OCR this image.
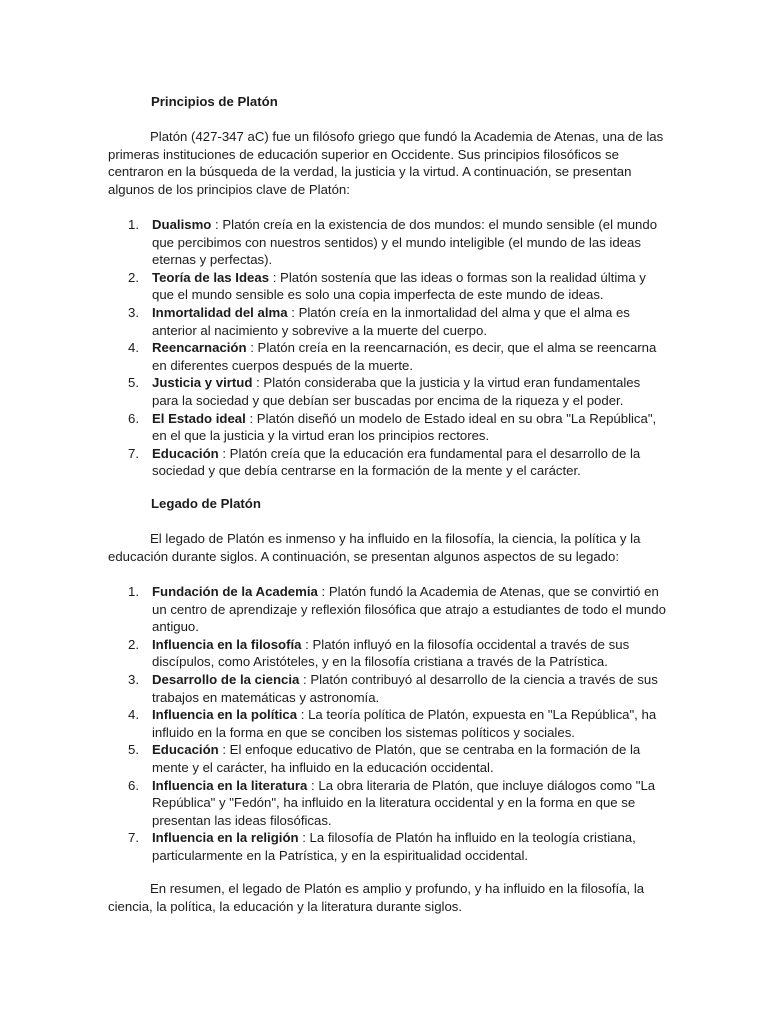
Principios de Platón

Platón (427-347 aC) fue un filósofo griego que fundó la Academia de Atenas, una de las primeras instituciones de educación superior en Occidente. Sus principios filosóficos se centraron en la búsqueda de la verdad, la justicia y la virtud. A continuación, se presentan algunos de los principios clave de Platón:

1. Dualismo : Platón creía en la existencia de dos mundos: el mundo sensible (el mundo que percibimos con nuestros sentidos) y el mundo inteligible (el mundo de las ideas eternas y perfectas).
2. Teoría de las Ideas : Platón sostenía que las ideas o formas son la realidad última y que el mundo sensible es solo una copia imperfecta de este mundo de ideas.
3. Inmortalidad del alma : Platón creía en la inmortalidad del alma y que el alma es anterior al nacimiento y sobrevive a la muerte del cuerpo.
4. Reencarnación : Platón creía en la reencarnación, es decir, que el alma se reencarna en diferentes cuerpos después de la muerte.
5. Justicia y virtud : Platón consideraba que la justicia y la virtud eran fundamentales para la sociedad y que debían ser buscadas por encima de la riqueza y el poder.
6. El Estado ideal : Platón diseñó un modelo de Estado ideal en su obra "La República", en el que la justicia y la virtud eran los principios rectores.
7. Educación : Platón creía que la educación era fundamental para el desarrollo de la sociedad y que debía centrarse en la formación de la mente y el carácter.

Legado de Platón

El legado de Platón es inmenso y ha influido en la filosofía, la ciencia, la política y la educación durante siglos. A continuación, se presentan algunos aspectos de su legado:

1. Fundación de la Academia : Platón fundó la Academia de Atenas, que se convirtió en un centro de aprendizaje y reflexión filosófica que atrajo a estudiantes de todo el mundo antiguo.
2. Influencia en la filosofía : Platón influyó en la filosofía occidental a través de sus discípulos, como Aristóteles, y en la filosofía cristiana a través de la Patrística.
3. Desarrollo de la ciencia : Platón contribuyó al desarrollo de la ciencia a través de sus trabajos en matemáticas y astronomía.
4. Influencia en la política : La teoría política de Platón, expuesta en "La República", ha influido en la forma en que se conciben los sistemas políticos y sociales.
5. Educación : El enfoque educativo de Platón, que se centraba en la formación de la mente y el carácter, ha influido en la educación occidental.
6. Influencia en la literatura : La obra literaria de Platón, que incluye diálogos como "La República" y "Fedón", ha influido en la literatura occidental y en la forma en que se presentan las ideas filosóficas.
7. Influencia en la religión : La filosofía de Platón ha influido en la teología cristiana, particularmente en la Patrística, y en la espiritualidad occidental.

En resumen, el legado de Platón es amplio y profundo, y ha influido en la filosofía, la ciencia, la política, la educación y la literatura durante siglos.
